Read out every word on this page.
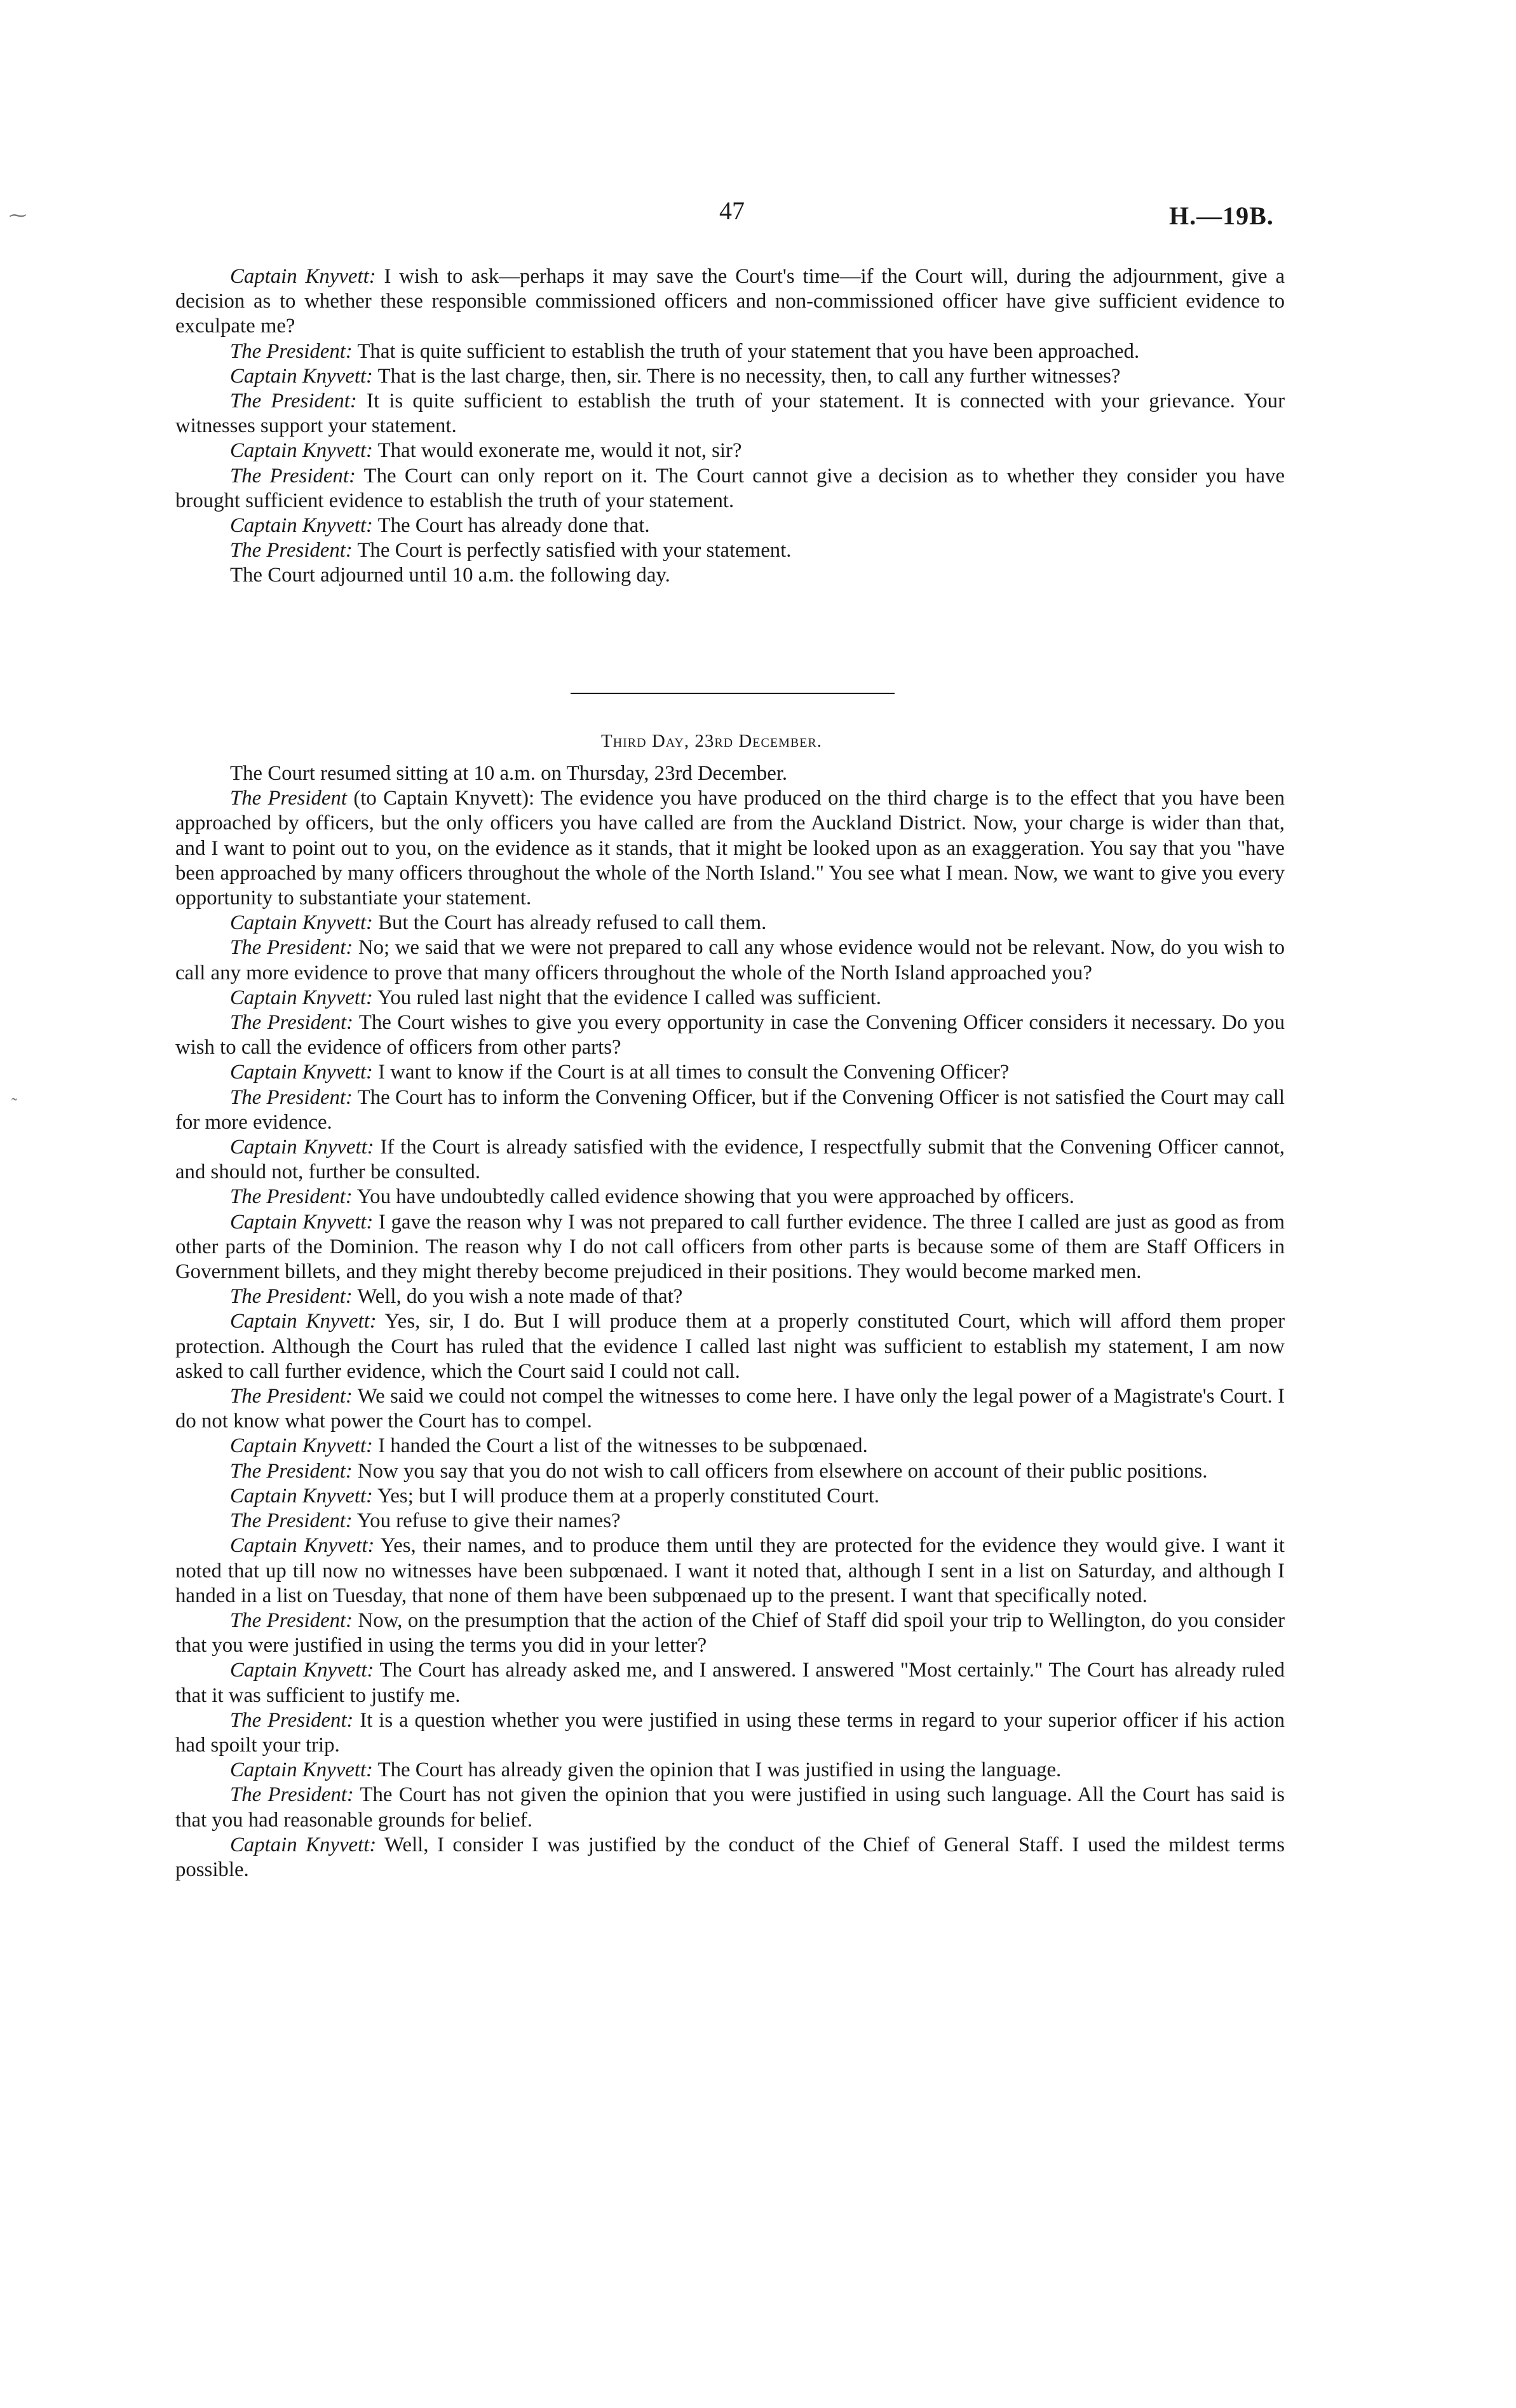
47	H.—19B.
⁓
˷

Captain Knyvett: I wish to ask—perhaps it may save the Court's time—if the Court will, during the adjournment, give a decision as to whether these responsible commissioned officers and non-commissioned officer have give sufficient evidence to exculpate me?

The President: That is quite sufficient to establish the truth of your statement that you have been approached.

Captain Knyvett: That is the last charge, then, sir. There is no necessity, then, to call any further witnesses?

The President: It is quite sufficient to establish the truth of your statement. It is connected with your grievance. Your witnesses support your statement.

Captain Knyvett: That would exonerate me, would it not, sir?

The President: The Court can only report on it. The Court cannot give a decision as to whether they consider you have brought sufficient evidence to establish the truth of your statement.

Captain Knyvett: The Court has already done that.

The President: The Court is perfectly satisfied with your statement.

The Court adjourned until 10 a.m. the following day.

Third Day, 23rd December.

The Court resumed sitting at 10 a.m. on Thursday, 23rd December.

The President (to Captain Knyvett): The evidence you have produced on the third charge is to the effect that you have been approached by officers, but the only officers you have called are from the Auckland District. Now, your charge is wider than that, and I want to point out to you, on the evidence as it stands, that it might be looked upon as an exaggeration. You say that you "have been approached by many officers throughout the whole of the North Island." You see what I mean. Now, we want to give you every opportunity to substantiate your statement.

Captain Knyvett: But the Court has already refused to call them.

The President: No; we said that we were not prepared to call any whose evidence would not be relevant. Now, do you wish to call any more evidence to prove that many officers throughout the whole of the North Island approached you?

Captain Knyvett: You ruled last night that the evidence I called was sufficient.

The President: The Court wishes to give you every opportunity in case the Convening Officer considers it necessary. Do you wish to call the evidence of officers from other parts?

Captain Knyvett: I want to know if the Court is at all times to consult the Convening Officer?

The President: The Court has to inform the Convening Officer, but if the Convening Officer is not satisfied the Court may call for more evidence.

Captain Knyvett: If the Court is already satisfied with the evidence, I respectfully submit that the Convening Officer cannot, and should not, further be consulted.

The President: You have undoubtedly called evidence showing that you were approached by officers.

Captain Knyvett: I gave the reason why I was not prepared to call further evidence. The three I called are just as good as from other parts of the Dominion. The reason why I do not call officers from other parts is because some of them are Staff Officers in Government billets, and they might thereby become prejudiced in their positions. They would become marked men.

The President: Well, do you wish a note made of that?

Captain Knyvett: Yes, sir, I do. But I will produce them at a properly constituted Court, which will afford them proper protection. Although the Court has ruled that the evidence I called last night was sufficient to establish my statement, I am now asked to call further evidence, which the Court said I could not call.

The President: We said we could not compel the witnesses to come here. I have only the legal power of a Magistrate's Court. I do not know what power the Court has to compel.

Captain Knyvett: I handed the Court a list of the witnesses to be subpœnaed.

The President: Now you say that you do not wish to call officers from elsewhere on account of their public positions.

Captain Knyvett: Yes; but I will produce them at a properly constituted Court.

The President: You refuse to give their names?

Captain Knyvett: Yes, their names, and to produce them until they are protected for the evidence they would give. I want it noted that up till now no witnesses have been subpœnaed. I want it noted that, although I sent in a list on Saturday, and although I handed in a list on Tuesday, that none of them have been subpœnaed up to the present. I want that specifically noted.

The President: Now, on the presumption that the action of the Chief of Staff did spoil your trip to Wellington, do you consider that you were justified in using the terms you did in your letter?

Captain Knyvett: The Court has already asked me, and I answered. I answered "Most certainly." The Court has already ruled that it was sufficient to justify me.

The President: It is a question whether you were justified in using these terms in regard to your superior officer if his action had spoilt your trip.

Captain Knyvett: The Court has already given the opinion that I was justified in using the language.

The President: The Court has not given the opinion that you were justified in using such language. All the Court has said is that you had reasonable grounds for belief.

Captain Knyvett: Well, I consider I was justified by the conduct of the Chief of General Staff. I used the mildest terms possible.
